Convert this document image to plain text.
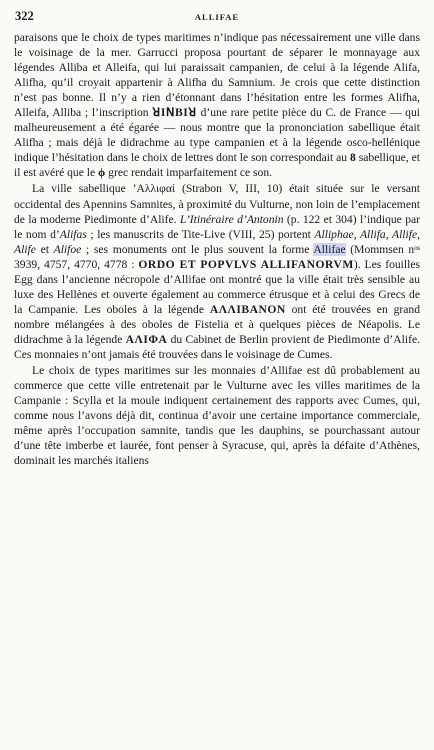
322	ALLIFAE

paraisons que le choix de types maritimes n’indique pas nécessairement une ville dans le voisinage de la mer. Garrucci proposa pourtant de séparer le monnayage aux légendes Alliba et Alleifa, qui lui paraissait campanien, de celui à la légende Alifa, Alifha, qu’il croyait appartenir à Alifha du Samnium. Je crois que cette distinction n’est pas bonne. Il n’y a rien d’étonnant dans l’hésitation entre les formes Alifha, Alleifa, Alliba ; l’inscription ꓤIꓠBIꓤ d’une rare petite pièce du C. de France — qui malheureusement a été égarée — nous montre que la prononciation sabellique était Alifha ; mais déjà le didrachme au type campanien et à la légende osco-hellénique indique l’hésitation dans le choix de lettres dont le son correspondait au 8 sabellique, et il est avéré que le ϕ grec rendait imparfaitement ce son.

La ville sabellique ’Αλλιφαί (Strabon V, III, 10) était située sur le versant occidental des Apennins Samnites, à proximité du Vulturne, non loin de l’emplacement de la moderne Piedimonte d’Alife. L’Itinéraire d’Antonin (p. 122 et 304) l’indique par le nom d’Alifas ; les manuscrits de Tite-Live (VIII, 25) portent Alliphae, Allifa, Allife, Alife et Alifoe ; ses monuments ont le plus souvent la forme Allifae (Mommsen nᵒˢ 3939, 4757, 4770, 4778 : ORDO ET POPVLVS ALLIFANORVM). Les fouilles Egg dans l’ancienne nécropole d’Allifae ont montré que la ville était très sensible au luxe des Hellènes et ouverte également au commerce étrusque et à celui des Grecs de la Campanie. Les oboles à la légende AΛΛIBANON ont été trouvées en grand nombre mélangées à des oboles de Fistelia et à quelques pièces de Néapolis. Le didrachme à la légende AΛIΦA du Cabinet de Berlin provient de Piedimonte d’Alife. Ces monnaies n’ont jamais été trouvées dans le voisinage de Cumes.

Le choix de types maritimes sur les monnaies d’Allifae est dû probablement au commerce que cette ville entretenait par le Vulturne avec les villes maritimes de la Campanie : Scylla et la moule indiquent certainement des rapports avec Cumes, qui, comme nous l’avons déjà dit, continua d’avoir une certaine importance commerciale, même après l’occupation samnite, tandis que les dauphins, se pourchassant autour d’une tête imberbe et laurée, font penser à Syracuse, qui, après la défaite d’Athènes, dominait les marchés italiens
